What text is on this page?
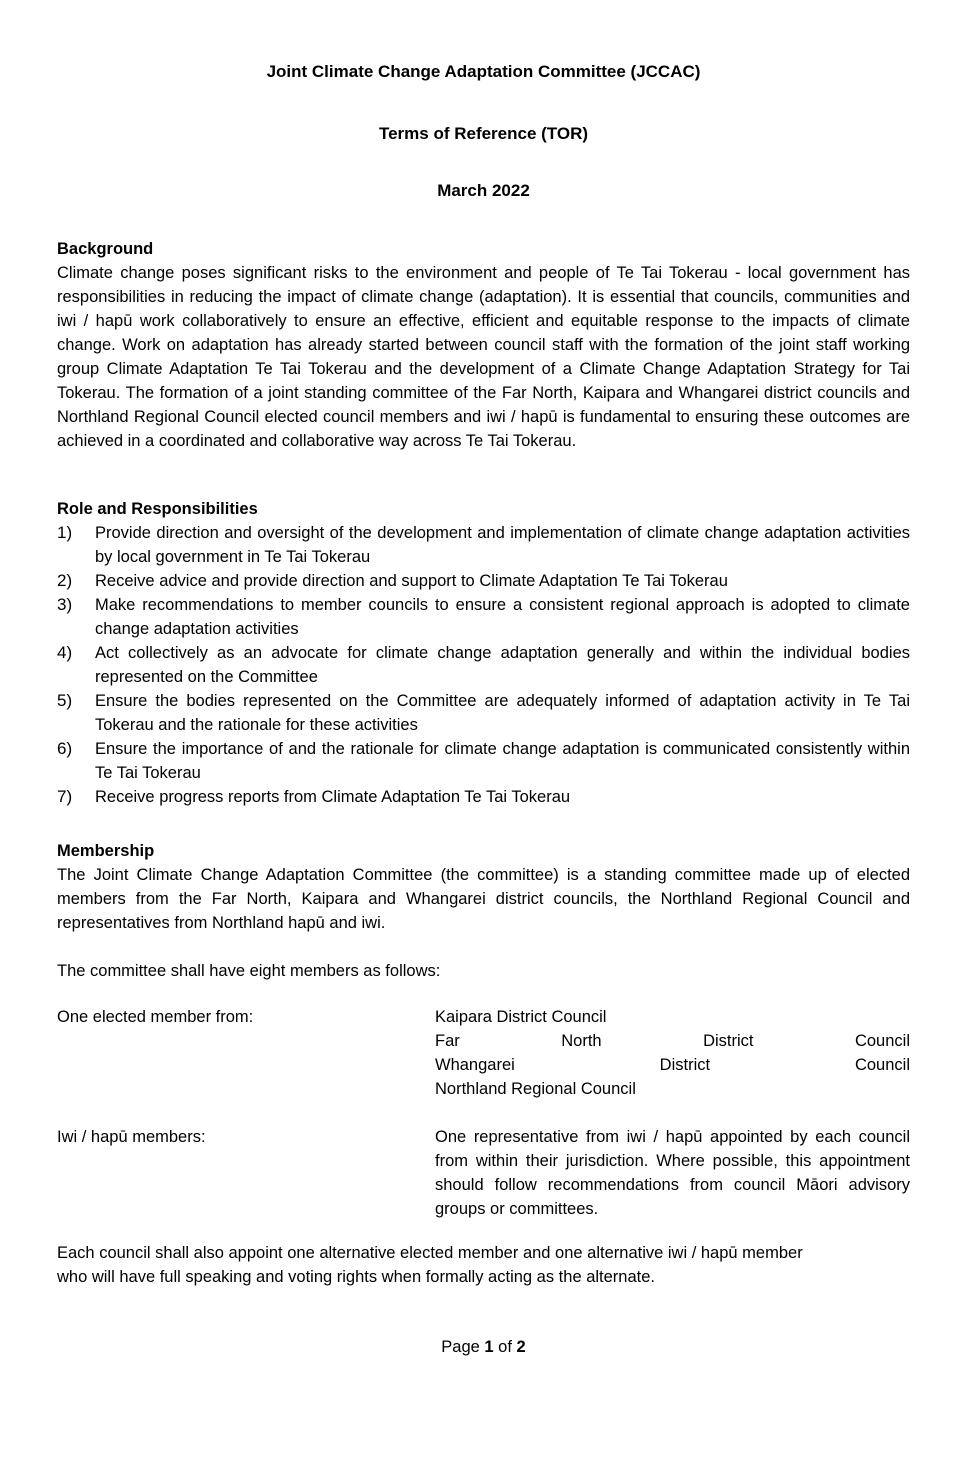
Joint Climate Change Adaptation Committee (JCCAC)
Terms of Reference (TOR)
March 2022
Background

Climate change poses significant risks to the environment and people of Te Tai Tokerau - local government has responsibilities in reducing the impact of climate change (adaptation). It is essential that councils, communities and iwi / hapū work collaboratively to ensure an effective, efficient and equitable response to the impacts of climate change. Work on adaptation has already started between council staff with the formation of the joint staff working group Climate Adaptation Te Tai Tokerau and the development of a Climate Change Adaptation Strategy for Tai Tokerau. The formation of a joint standing committee of the Far North, Kaipara and Whangarei district councils and Northland Regional Council elected council members and iwi / hapū is fundamental to ensuring these outcomes are achieved in a coordinated and collaborative way across Te Tai Tokerau.

Role and Responsibilities
1)	Provide direction and oversight of the development and implementation of climate change adaptation activities by local government in Te Tai Tokerau
2)	Receive advice and provide direction and support to Climate Adaptation Te Tai Tokerau
3)	Make recommendations to member councils to ensure a consistent regional approach is adopted to climate change adaptation activities
4)	Act collectively as an advocate for climate change adaptation generally and within the individual bodies represented on the Committee
5)	Ensure the bodies represented on the Committee are adequately informed of adaptation activity in Te Tai Tokerau and the rationale for these activities
6)	Ensure the importance of and the rationale for climate change adaptation is communicated consistently within Te Tai Tokerau
7)	Receive progress reports from Climate Adaptation Te Tai Tokerau
Membership

The Joint Climate Change Adaptation Committee (the committee) is a standing committee made up of elected members from the Far North, Kaipara and Whangarei district councils, the Northland Regional Council and representatives from Northland hapū and iwi.

The committee shall have eight members as follows:

One elected member from:	Kaipara District Council
Far North District Council
Whangarei District Council
Northland Regional Council
Iwi / hapū members:	One representative from iwi / hapū appointed by each council from within their jurisdiction. Where possible, this appointment should follow recommendations from council Māori advisory groups or committees.

Each council shall also appoint one alternative elected member and one alternative iwi / hapū member who will have full speaking and voting rights when formally acting as the alternate.

Page 1 of 2
